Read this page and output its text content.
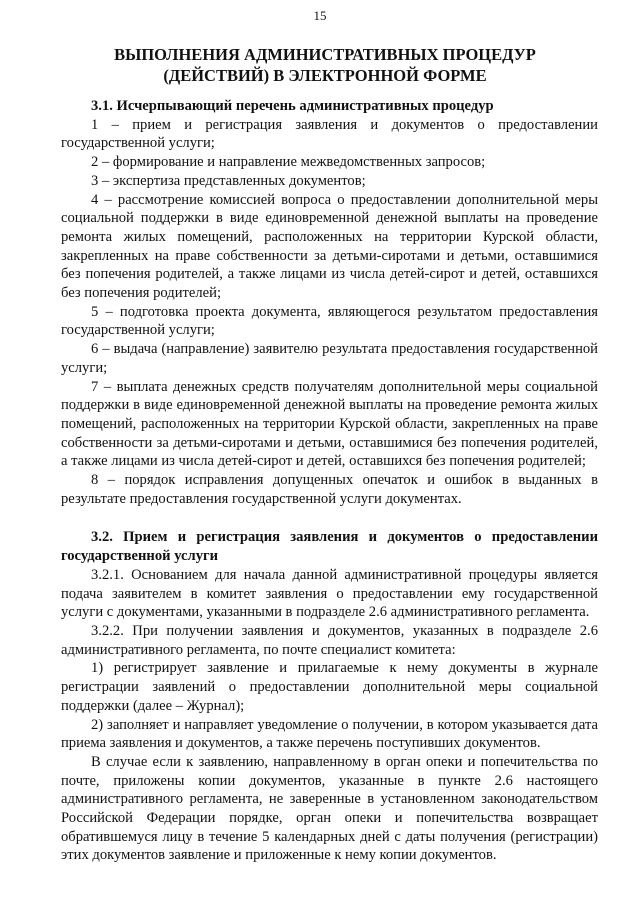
15
ВЫПОЛНЕНИЯ АДМИНИСТРАТИВНЫХ ПРОЦЕДУР (ДЕЙСТВИЙ) В ЭЛЕКТРОННОЙ ФОРМЕ
3.1. Исчерпывающий перечень административных процедур

1 – прием и регистрация заявления и документов о предоставлении государственной услуги;

2 – формирование и направление межведомственных запросов;

3 – экспертиза представленных документов;

4 – рассмотрение комиссией вопроса о предоставлении дополнительной меры социальной поддержки в виде единовременной денежной выплаты на проведение ремонта жилых помещений, расположенных на территории Курской области, закрепленных на праве собственности за детьми-сиротами и детьми, оставшимися без попечения родителей, а также лицами из числа детей-сирот и детей, оставшихся без попечения родителей;

5 – подготовка проекта документа, являющегося результатом предоставления государственной услуги;

6 – выдача (направление) заявителю результата предоставления государственной услуги;

7 – выплата денежных средств получателям дополнительной меры социальной поддержки в виде единовременной денежной выплаты на проведение ремонта жилых помещений, расположенных на территории Курской области, закрепленных на праве собственности за детьми-сиротами и детьми, оставшимися без попечения родителей, а также лицами из числа детей-сирот и детей, оставшихся без попечения родителей;

8 – порядок исправления допущенных опечаток и ошибок в выданных в результате предоставления государственной услуги документах.

3.2. Прием и регистрация заявления и документов о предоставлении государственной услуги

3.2.1. Основанием для начала данной административной процедуры является подача заявителем в комитет заявления о предоставлении ему государственной услуги с документами, указанными в подразделе 2.6 административного регламента.

3.2.2. При получении заявления и документов, указанных в подразделе 2.6 административного регламента, по почте специалист комитета:

1) регистрирует заявление и прилагаемые к нему документы в журнале регистрации заявлений о предоставлении дополнительной меры социальной поддержки (далее – Журнал);

2) заполняет и направляет уведомление о получении, в котором указывается дата приема заявления и документов, а также перечень поступивших документов.

В случае если к заявлению, направленному в орган опеки и попечительства по почте, приложены копии документов, указанные в пункте 2.6 настоящего административного регламента, не заверенные в установленном законодательством Российской Федерации порядке, орган опеки и попечительства возвращает обратившемуся лицу в течение 5 календарных дней с даты получения (регистрации) этих документов заявление и приложенные к нему копии документов.
